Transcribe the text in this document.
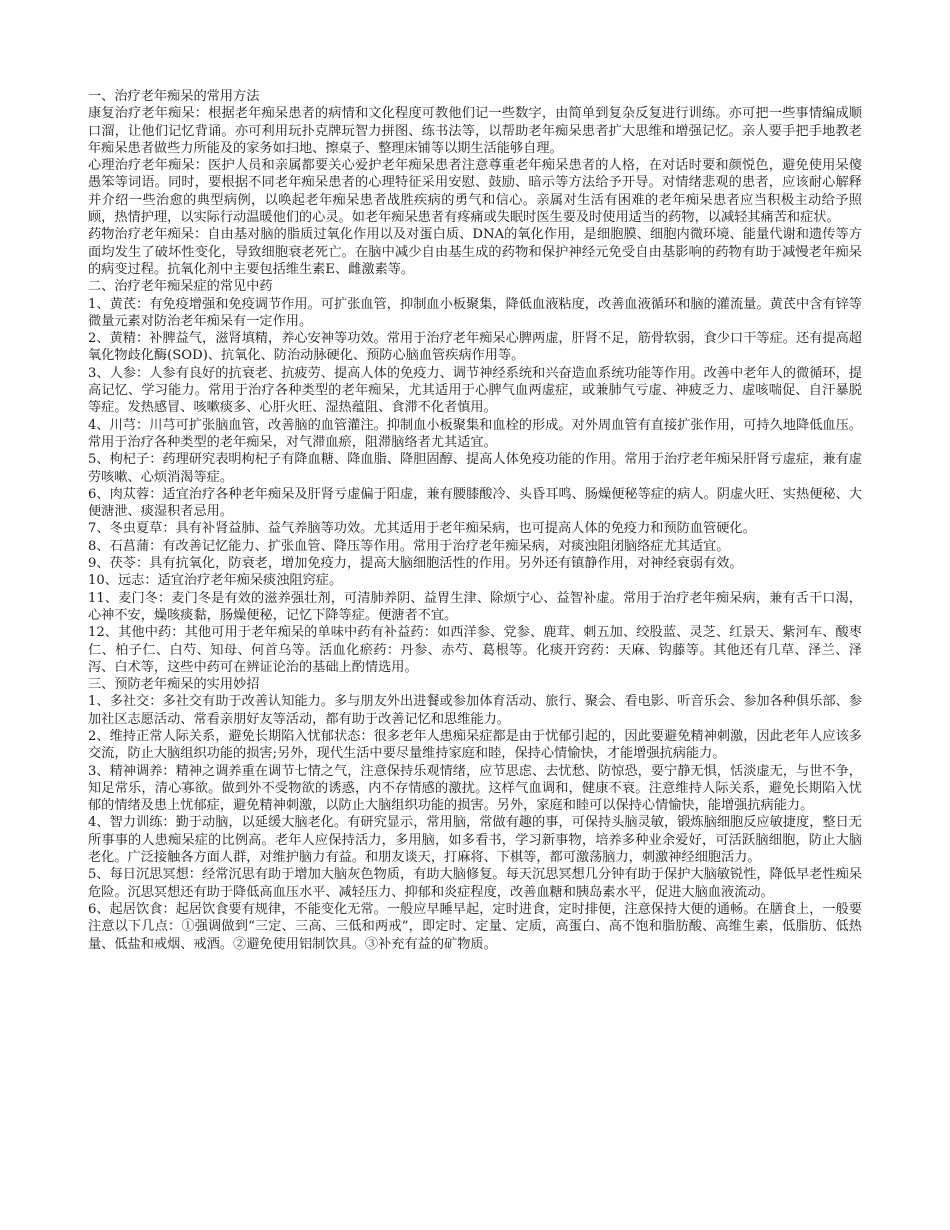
一、治疗老年痴呆的常用方法

康复治疗老年痴呆：根据老年痴呆患者的病情和文化程度可教他们记一些数字，由简单到复杂反复进行训练。亦可把一些事情编成顺口溜，让他们记忆背诵。亦可利用玩扑克牌玩智力拼图、练书法等，以帮助老年痴呆患者扩大思维和增强记忆。亲人要手把手地教老年痴呆患者做些力所能及的家务如扫地、擦桌子、整理床铺等以期生活能够自理。

心理治疗老年痴呆：医护人员和亲属都要关心爱护老年痴呆患者注意尊重老年痴呆患者的人格，在对话时要和颜悦色，避免使用呆傻愚笨等词语。同时，要根据不同老年痴呆患者的心理特征采用安慰、鼓励、暗示等方法给予开导。对情绪悲观的患者，应该耐心解释并介绍一些治愈的典型病例，以唤起老年痴呆患者战胜疾病的勇气和信心。亲属对生活有困难的老年痴呆患者应当积极主动给予照顾，热情护理，以实际行动温暖他们的心灵。如老年痴呆患者有疼痛或失眠时医生要及时使用适当的药物，以减轻其痛苦和症状。

药物治疗老年痴呆：自由基对脑的脂质过氧化作用以及对蛋白质、DNA的氧化作用，是细胞膜、细胞内微环境、能量代谢和遗传等方面均发生了破坏性变化，导致细胞衰老死亡。在脑中减少自由基生成的药物和保护神经元免受自由基影响的药物有助于减慢老年痴呆的病变过程。抗氧化剂中主要包括维生素E、雌激素等。

二、治疗老年痴呆症的常见中药

1、黄芪：有免疫增强和免疫调节作用。可扩张血管，抑制血小板聚集，降低血液粘度，改善血液循环和脑的灌流量。黄芪中含有锌等微量元素对防治老年痴呆有一定作用。

2、黄精：补脾益气，滋肾填精，养心安神等功效。常用于治疗老年痴呆心脾两虚，肝肾不足，筋骨软弱，食少口干等症。还有提高超氧化物歧化酶(SOD)、抗氧化、防治动脉硬化、预防心脑血管疾病作用等。

3、人参：人参有良好的抗衰老、抗疲劳、提高人体的免疫力、调节神经系统和兴奋造血系统功能等作用。改善中老年人的微循环，提高记忆、学习能力。常用于治疗各种类型的老年痴呆，尤其适用于心脾气血两虚症，或兼肺气亏虚、神疲乏力、虚咳喘促、自汗暴脱等症。发热感冒、咳嗽痰多、心肝火旺、湿热蕴阻、食滞不化者慎用。

4、川芎：川芎可扩张脑血管，改善脑的血管灌注。抑制血小板聚集和血栓的形成。对外周血管有直接扩张作用，可持久地降低血压。常用于治疗各种类型的老年痴呆，对气滞血瘀，阻滞脑络者尤其适宜。

5、枸杞子：药理研究表明枸杞子有降血糖、降血脂、降胆固醇、提高人体免疫功能的作用。常用于治疗老年痴呆肝肾亏虚症，兼有虚劳咳嗽、心烦消渴等症。

6、肉苁蓉：适宜治疗各种老年痴呆及肝肾亏虚偏于阳虚，兼有腰膝酸冷、头昏耳鸣、肠燥便秘等症的病人。阴虚火旺、实热便秘、大便溏泄、痰湿积者忌用。

7、冬虫夏草：具有补肾益肺、益气养脑等功效。尤其适用于老年痴呆病，也可提高人体的免疫力和预防血管硬化。

8、石菖蒲：有改善记忆能力、扩张血管、降压等作用。常用于治疗老年痴呆病，对痰浊阻闭脑络症尤其适宜。

9、茯苓：具有抗氧化，防衰老，增加免疫力，提高大脑细胞活性的作用。另外还有镇静作用，对神经衰弱有效。

10、远志：适宜治疗老年痴呆痰浊阻窍症。

11、麦门冬：麦门冬是有效的滋养强壮剂，可清肺养阴、益胃生津、除烦宁心、益智补虚。常用于治疗老年痴呆病，兼有舌干口渴，心神不安，燥咳痰黏，肠燥便秘，记忆下降等症。便溏者不宜。

12、其他中药：其他可用于老年痴呆的单味中药有补益药：如西洋参、党参、鹿茸、刺五加、绞股蓝、灵芝、红景天、紫河车、酸枣仁、柏子仁、白芍、知母、何首乌等。活血化瘀药：丹参、赤芍、葛根等。化痰开窍药：天麻、钩藤等。其他还有几草、泽兰、泽泻、白术等，这些中药可在辨证论治的基础上酌情选用。

三、预防老年痴呆的实用妙招

1、多社交：多社交有助于改善认知能力。多与朋友外出进餐或参加体育活动、旅行、聚会、看电影、听音乐会、参加各种俱乐部、参加社区志愿活动、常看亲朋好友等活动，都有助于改善记忆和思维能力。

2、维持正常人际关系，避免长期陷入忧郁状态：很多老年人患痴呆症都是由于忧郁引起的，因此要避免精神刺激，因此老年人应该多交流，防止大脑组织功能的损害;另外，现代生活中要尽量维持家庭和睦，保持心情愉快，才能增强抗病能力。

3、精神调养：精神之调养重在调节七情之气，注意保持乐观情绪，应节思虑、去忧愁、防惊恐，要宁静无惧，恬淡虚无，与世不争，知足常乐，清心寡欲。做到外不受物欲的诱惑，内不存情感的激扰。这样气血调和，健康不衰。注意维持人际关系，避免长期陷入忧郁的情绪及患上忧郁症，避免精神刺激，以防止大脑组织功能的损害。另外，家庭和睦可以保持心情愉快，能增强抗病能力。

4、智力训练：勤于动脑，以延缓大脑老化。有研究显示，常用脑，常做有趣的事，可保持头脑灵敏，锻炼脑细胞反应敏捷度，整日无所事事的人患痴呆症的比例高。老年人应保持活力，多用脑，如多看书，学习新事物，培养多种业余爱好，可活跃脑细胞，防止大脑老化。广泛接触各方面人群，对维护脑力有益。和朋友谈天，打麻将、下棋等，都可激荡脑力，刺激神经细胞活力。

5、每日沉思冥想：经常沉思有助于增加大脑灰色物质，有助大脑修复。每天沉思冥想几分钟有助于保护大脑敏锐性，降低早老性痴呆危险。沉思冥想还有助于降低高血压水平、减轻压力、抑郁和炎症程度，改善血糖和胰岛素水平，促进大脑血液流动。

6、起居饮食：起居饮食要有规律，不能变化无常。一般应早睡早起，定时进食，定时排便，注意保持大便的通畅。在膳食上，一般要注意以下几点：①强调做到“三定、三高、三低和两戒”，即定时、定量、定质，高蛋白、高不饱和脂肪酸、高维生素，低脂肪、低热量、低盐和戒烟、戒酒。②避免使用铝制饮具。③补充有益的矿物质。
